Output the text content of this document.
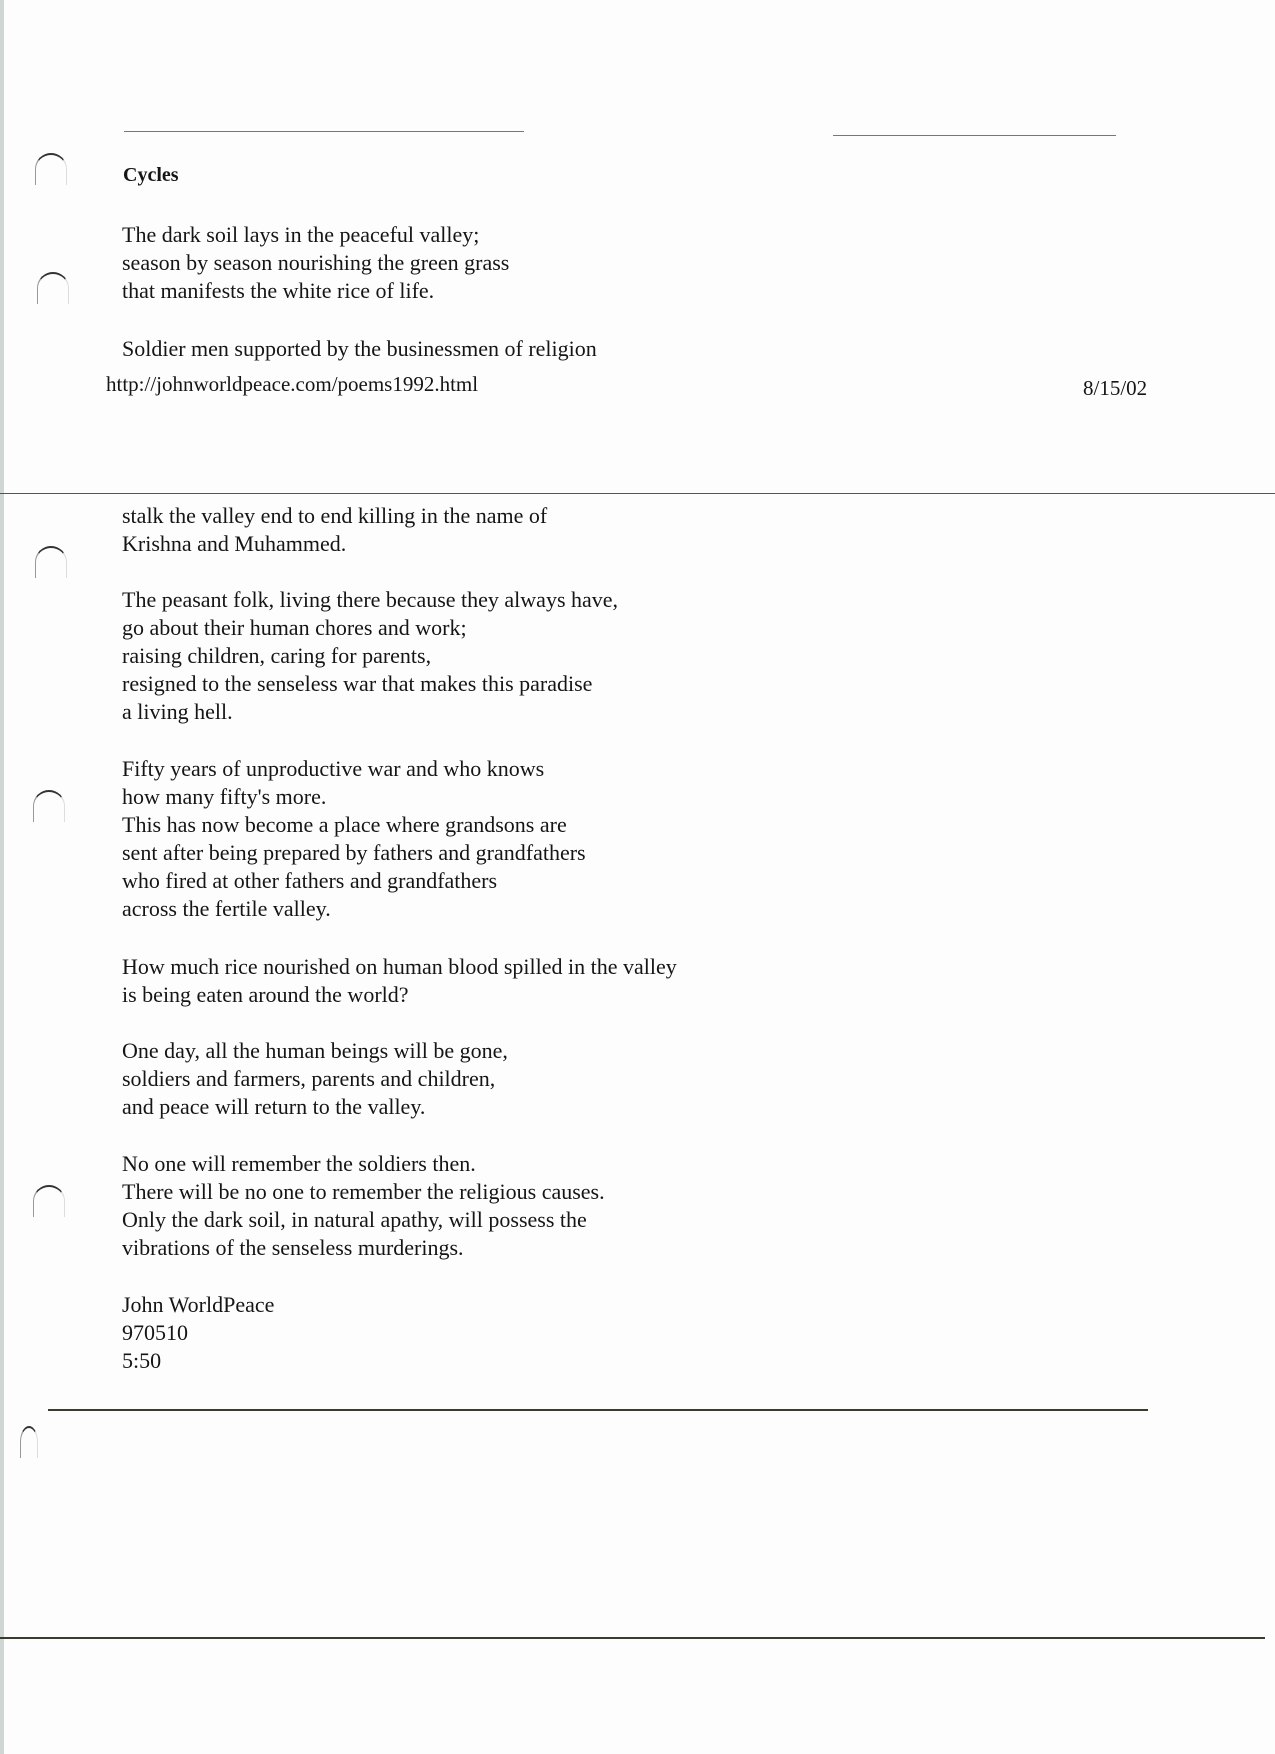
Cycles
The dark soil lays in the peaceful valley;
season by season nourishing the green grass
that manifests the white rice of life.
Soldier men supported by the businessmen of religion
http://johnworldpeace.com/poems1992.html	8/15/02
stalk the valley end to end killing in the name of
Krishna and Muhammed.
The peasant folk, living there because they always have,
go about their human chores and work;
raising children, caring for parents,
resigned to the senseless war that makes this paradise
a living hell.
Fifty years of unproductive war and who knows
how many fifty's more.
This has now become a place where grandsons are
sent after being prepared by fathers and grandfathers
who fired at other fathers and grandfathers
across the fertile valley.
How much rice nourished on human blood spilled in the valley
is being eaten around the world?
One day, all the human beings will be gone,
soldiers and farmers, parents and children,
and peace will return to the valley.
No one will remember the soldiers then.
There will be no one to remember the religious causes.
Only the dark soil, in natural apathy, will possess the
vibrations of the senseless murderings.
John WorldPeace
970510
5:50
